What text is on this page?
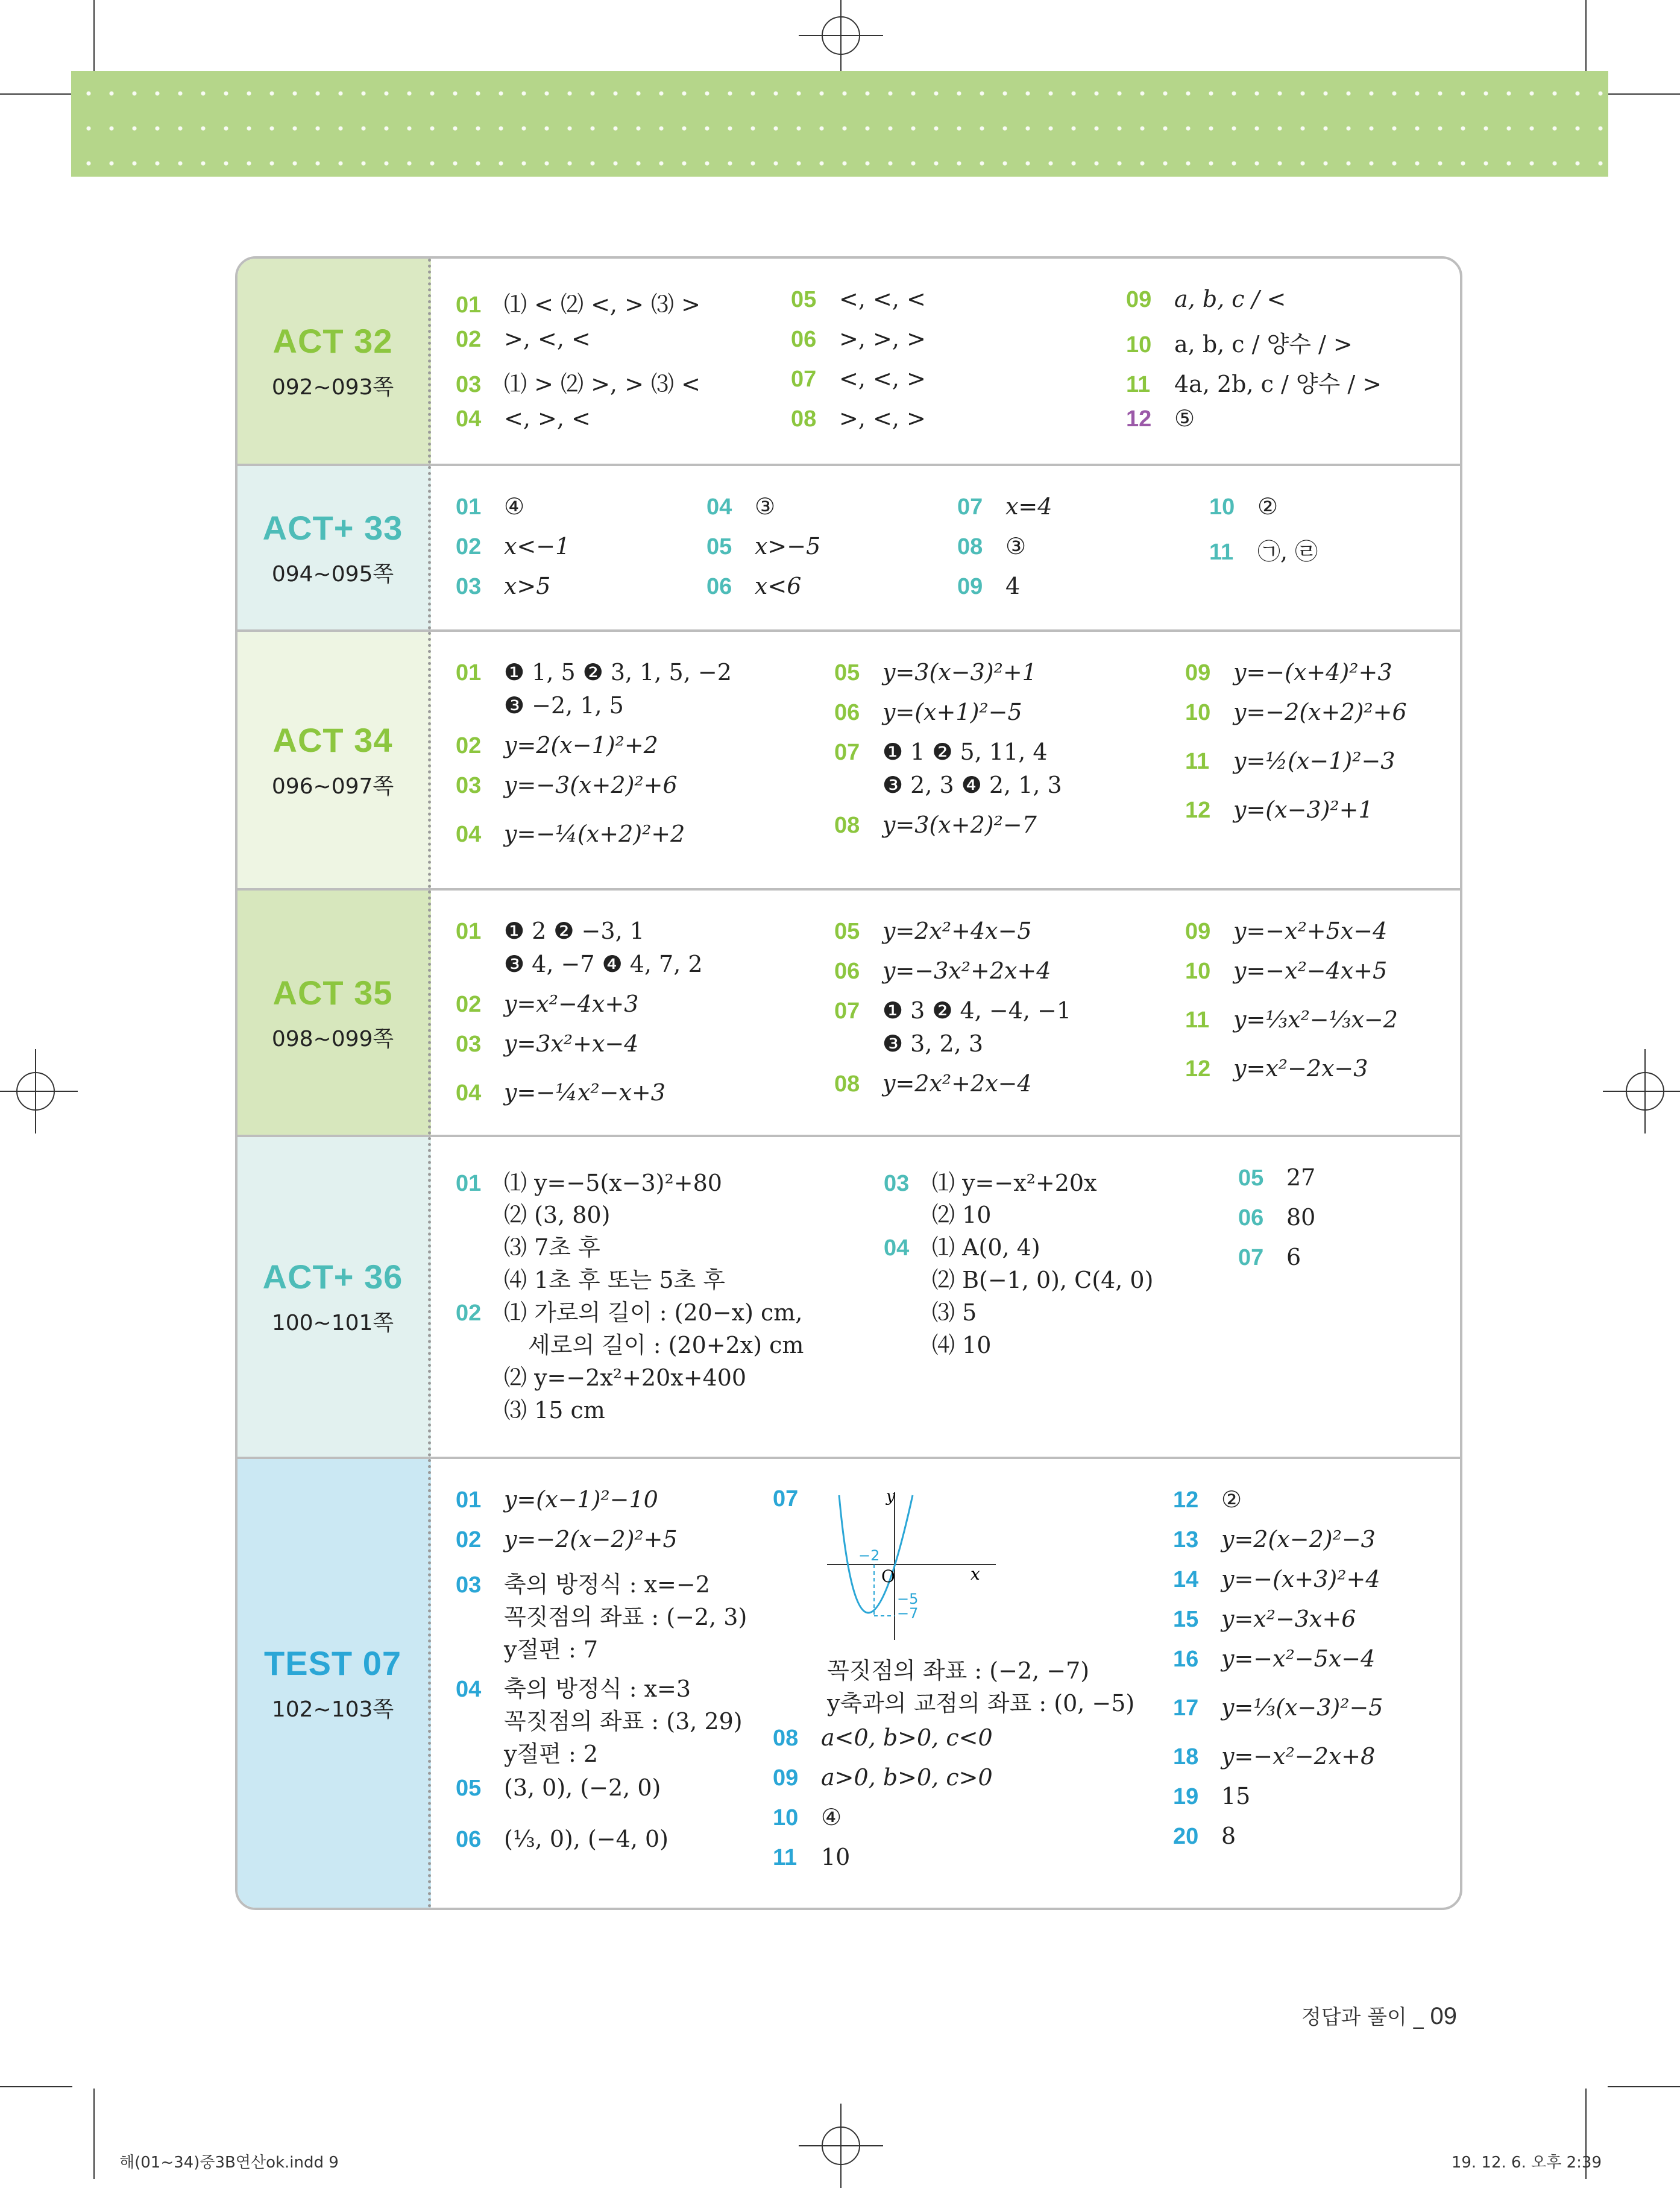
ACT 32
092~093쪽
01 ⑴ < ⑵ <, > ⑶ >
02 >, <, <
03 ⑴ > ⑵ >, > ⑶ <
04 <, >, <
05 <, <, <
06 >, >, >
07 <, <, >
08 >, <, >
09 a, b, c / <
10 a, b, c / 양수 / >
11	4a, 2b, c / 양수 / >
12 ⑤
ACT+ 33
094~095쪽
01 ④
02 x<−1
03 x>5
04 ③
05 x>−5
06 x<6
07 x=4
08 ③
09 4
10 ②
11	㉠, ㉣
ACT 34
096~097쪽
01 ❶ 1, 5 ❷ 3, 1, 5, −2
❸ −2, 1, 5
02 y=2(x−1)²+2
03 y=−3(x+2)²+6
04 y=−¼(x+2)²+2
05 y=3(x−3)²+1
06 y=(x+1)²−5
07 ❶ 1 ❷ 5, 11, 4
❸ 2, 3 ❹ 2, 1, 3
08 y=3(x+2)²−7
09 y=−(x+4)²+3
10 y=−2(x+2)²+6
11	y=½(x−1)²−3
12 y=(x−3)²+1
ACT 35
098~099쪽
01 ❶ 2 ❷ −3, 1
❸ 4, −7 ❹ 4, 7, 2
02 y=x²−4x+3
03 y=3x²+x−4
04 y=−¼x²−x+3
05 y=2x²+4x−5
06 y=−3x²+2x+4
07 ❶ 3 ❷ 4, −4, −1
❸ 3, 2, 3
08 y=2x²+2x−4
09 y=−x²+5x−4
10 y=−x²−4x+5
11	y=⅓x²−⅓x−2
12 y=x²−2x−3
ACT+ 36
100~101쪽
01 ⑴ y=−5(x−3)²+80
⑵ (3, 80)
⑶ 7초 후
⑷ 1초 후 또는 5초 후
02 ⑴ 가로의 길이 : (20−x) cm,
세로의 길이 : (20+2x) cm
⑵ y=−2x²+20x+400
⑶ 15 cm
03 ⑴ y=−x²+20x
⑵ 10
04 ⑴ A(0, 4)
⑵ B(−1, 0), C(4, 0)
⑶ 5
⑷ 10
05 27
06 80
07 6
TEST 07
102~103쪽
01 y=(x−1)²−10
02 y=−2(x−2)²+5
03 축의 방정식 : x=−2
꼭짓점의 좌표 : (−2, 3)
y절편 : 7
04 축의 방정식 : x=3
꼭짓점의 좌표 : (3, 29)
y절편 : 2
05 (3, 0), (−2, 0)
06 (⅓, 0), (−4, 0)
07	y
x
O
−2
−5
−7
꼭짓점의 좌표 : (−2, −7)
y축과의 교점의 좌표 : (0, −5)
08 a<0, b>0, c<0
09 a>0, b>0, c>0
10 ④
11	10
12 ②
13 y=2(x−2)²−3
14 y=−(x+3)²+4
15 y=x²−3x+6
16 y=−x²−5x−4
17 y=⅓(x−3)²−5
18 y=−x²−2x+8
19 15
20 8
정답과 풀이 _ 09
해(01~34)중3B연산ok.indd 9	19. 12. 6. 오후 2:39
